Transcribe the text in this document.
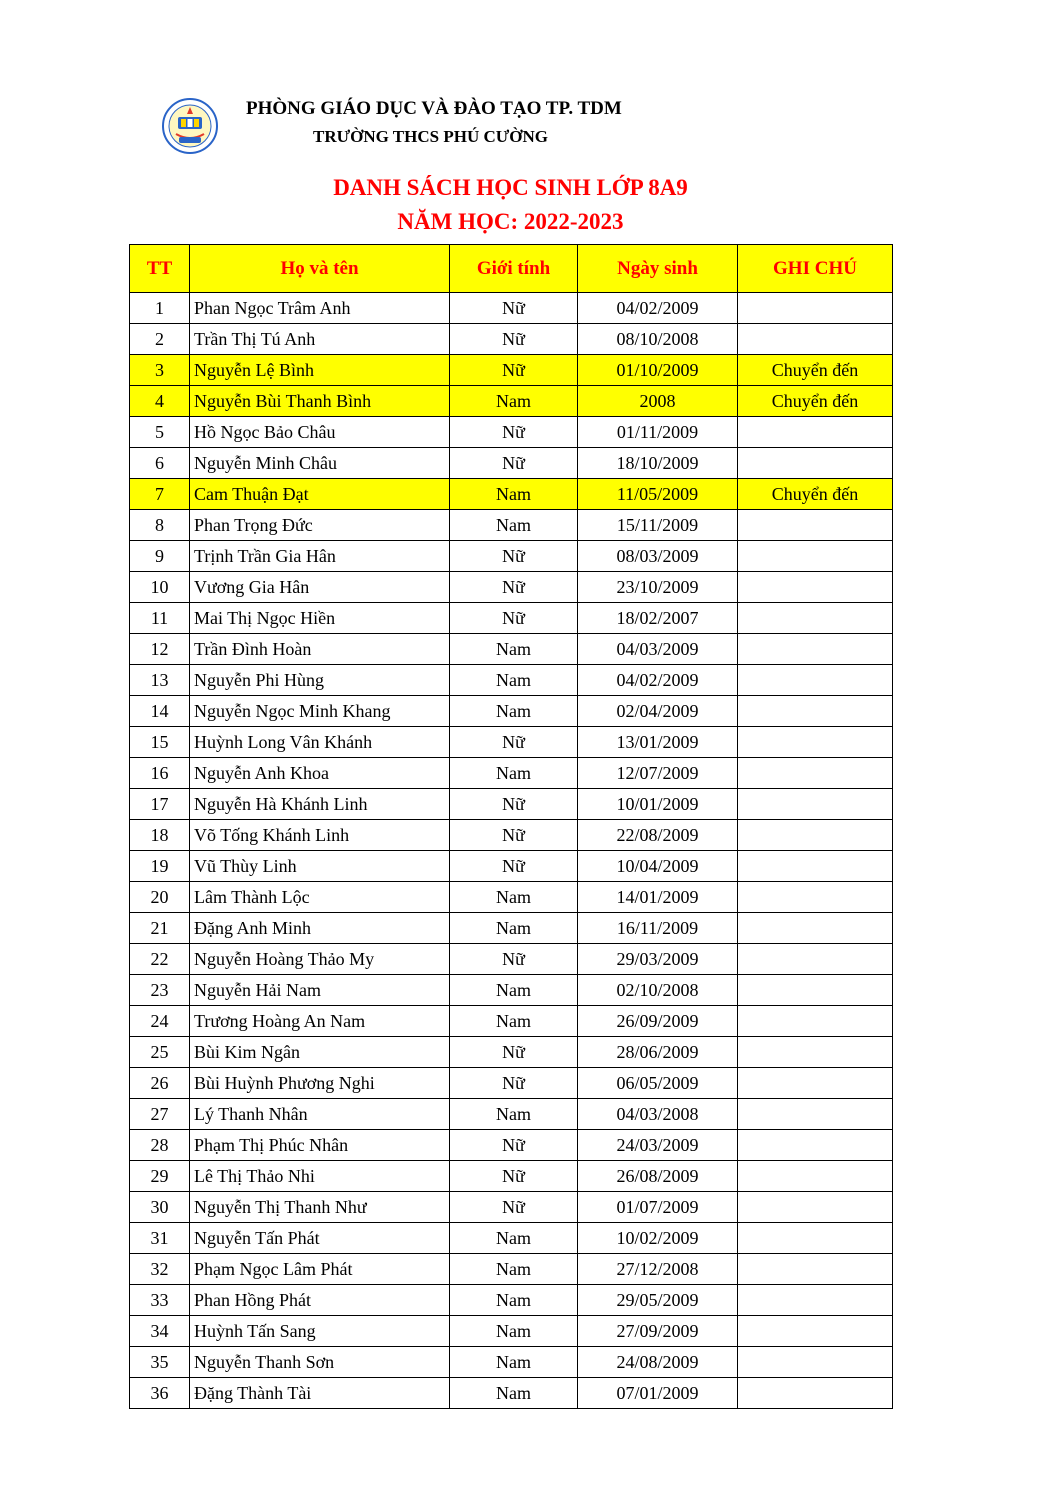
PHÒNG GIÁO DỤC VÀ ĐÀO TẠO TP. TDM
TRƯỜNG THCS PHÚ CƯỜNG
DANH SÁCH HỌC SINH LỚP 8A9
NĂM HỌC: 2022-2023
TT	Họ và tên	Giới tính	Ngày sinh	GHI CHÚ
1	Phan Ngọc Trâm Anh	Nữ	04/02/2009	
2	Trần Thị Tú Anh	Nữ	08/10/2008	
3	Nguyễn Lệ Bình	Nữ	01/10/2009	Chuyển đến
4	Nguyễn Bùi Thanh Bình	Nam	2008	Chuyển đến
5	Hồ Ngọc Bảo Châu	Nữ	01/11/2009	
6	Nguyễn Minh Châu	Nữ	18/10/2009	
7	Cam Thuận Đạt	Nam	11/05/2009	Chuyển đến
8	Phan Trọng Đức	Nam	15/11/2009	
9	Trịnh Trần Gia Hân	Nữ	08/03/2009	
10	Vương Gia Hân	Nữ	23/10/2009	
11	Mai Thị Ngọc Hiền	Nữ	18/02/2007	
12	Trần Đình Hoàn	Nam	04/03/2009	
13	Nguyễn Phi Hùng	Nam	04/02/2009	
14	Nguyễn Ngọc Minh Khang	Nam	02/04/2009	
15	Huỳnh Long Vân Khánh	Nữ	13/01/2009	
16	Nguyễn Anh Khoa	Nam	12/07/2009	
17	Nguyễn Hà Khánh Linh	Nữ	10/01/2009	
18	Võ Tống Khánh Linh	Nữ	22/08/2009	
19	Vũ Thùy Linh	Nữ	10/04/2009	
20	Lâm Thành Lộc	Nam	14/01/2009	
21	Đặng Anh Minh	Nam	16/11/2009	
22	Nguyễn Hoàng Thảo My	Nữ	29/03/2009	
23	Nguyễn Hải Nam	Nam	02/10/2008	
24	Trương Hoàng An Nam	Nam	26/09/2009	
25	Bùi Kim Ngân	Nữ	28/06/2009	
26	Bùi Huỳnh Phương Nghi	Nữ	06/05/2009	
27	Lý Thanh Nhân	Nam	04/03/2008	
28	Phạm Thị Phúc Nhân	Nữ	24/03/2009	
29	Lê Thị Thảo Nhi	Nữ	26/08/2009	
30	Nguyễn Thị Thanh Như	Nữ	01/07/2009	
31	Nguyễn Tấn Phát	Nam	10/02/2009	
32	Phạm Ngọc Lâm Phát	Nam	27/12/2008	
33	Phan Hồng Phát	Nam	29/05/2009	
34	Huỳnh Tấn Sang	Nam	27/09/2009	
35	Nguyễn Thanh Sơn	Nam	24/08/2009	
36	Đặng Thành Tài	Nam	07/01/2009	
